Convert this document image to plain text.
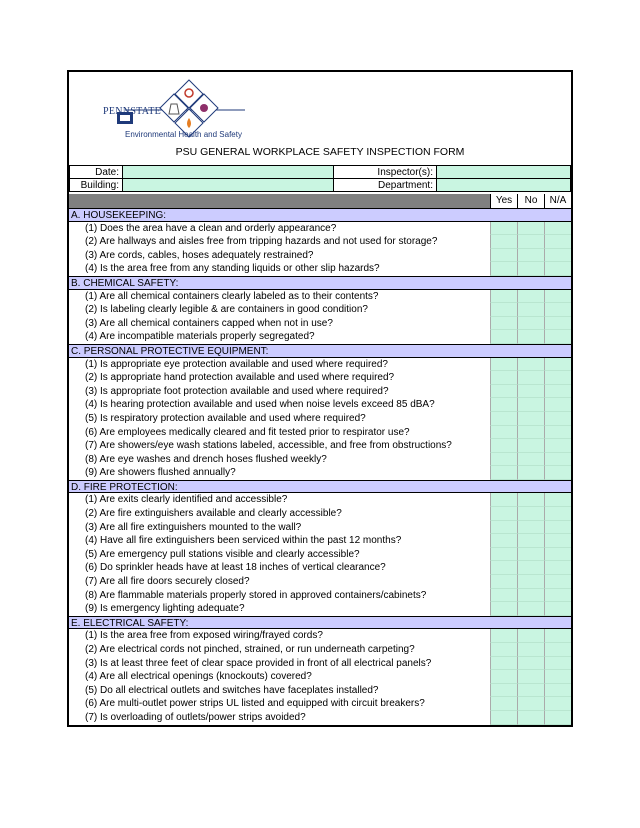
PENNSTATE
Environmental Health and Safety
PSU GENERAL WORKPLACE SAFETY INSPECTION FORM
Date:		Inspector(s):	
Building:		Department:	
Yes	No	N/A
A. HOUSEKEEPING:
(1) Does the area have a clean and orderly appearance?
(2) Are hallways and aisles free from tripping hazards and not used for storage?
(3) Are cords, cables, hoses adequately restrained?
(4) Is the area free from any standing liquids or other slip hazards?
B. CHEMICAL SAFETY:
(1) Are all chemical containers clearly labeled as to their contents?
(2) Is labeling clearly legible & are containers in good condition?
(3) Are all chemical containers capped when not in use?
(4) Are incompatible materials properly segregated?
C. PERSONAL PROTECTIVE EQUIPMENT:
(1) Is appropriate eye protection available and used where required?
(2) Is appropriate hand protection available and used where required?
(3) Is appropriate foot protection available and used where required?
(4) Is hearing protection available and used when noise levels exceed 85 dBA?
(5) Is respiratory protection available and used where required?
(6) Are employees medically cleared and fit tested prior to respirator use?
(7) Are showers/eye wash stations labeled, accessible, and free from obstructions?
(8) Are eye washes and drench hoses flushed weekly?
(9) Are showers flushed annually?
D. FIRE PROTECTION:
(1) Are exits clearly identified and accessible?
(2) Are fire extinguishers available and clearly accessible?
(3) Are all fire extinguishers mounted to the wall?
(4) Have all fire extinguishers been serviced within the past 12 months?
(5) Are emergency pull stations visible and clearly accessible?
(6) Do sprinkler heads have at least 18 inches of vertical clearance?
(7) Are all fire doors securely closed?
(8) Are flammable materials properly stored in approved containers/cabinets?
(9) Is emergency lighting adequate?
E. ELECTRICAL SAFETY:
(1) Is the area free from exposed wiring/frayed cords?
(2) Are electrical cords not pinched, strained, or run underneath carpeting?
(3) Is at least three feet of clear space provided in front of all electrical panels?
(4) Are all electrical openings (knockouts) covered?
(5) Do all electrical outlets and switches have faceplates installed?
(6) Are multi-outlet power strips UL listed and equipped with circuit breakers?
(7) Is overloading of outlets/power strips avoided?
